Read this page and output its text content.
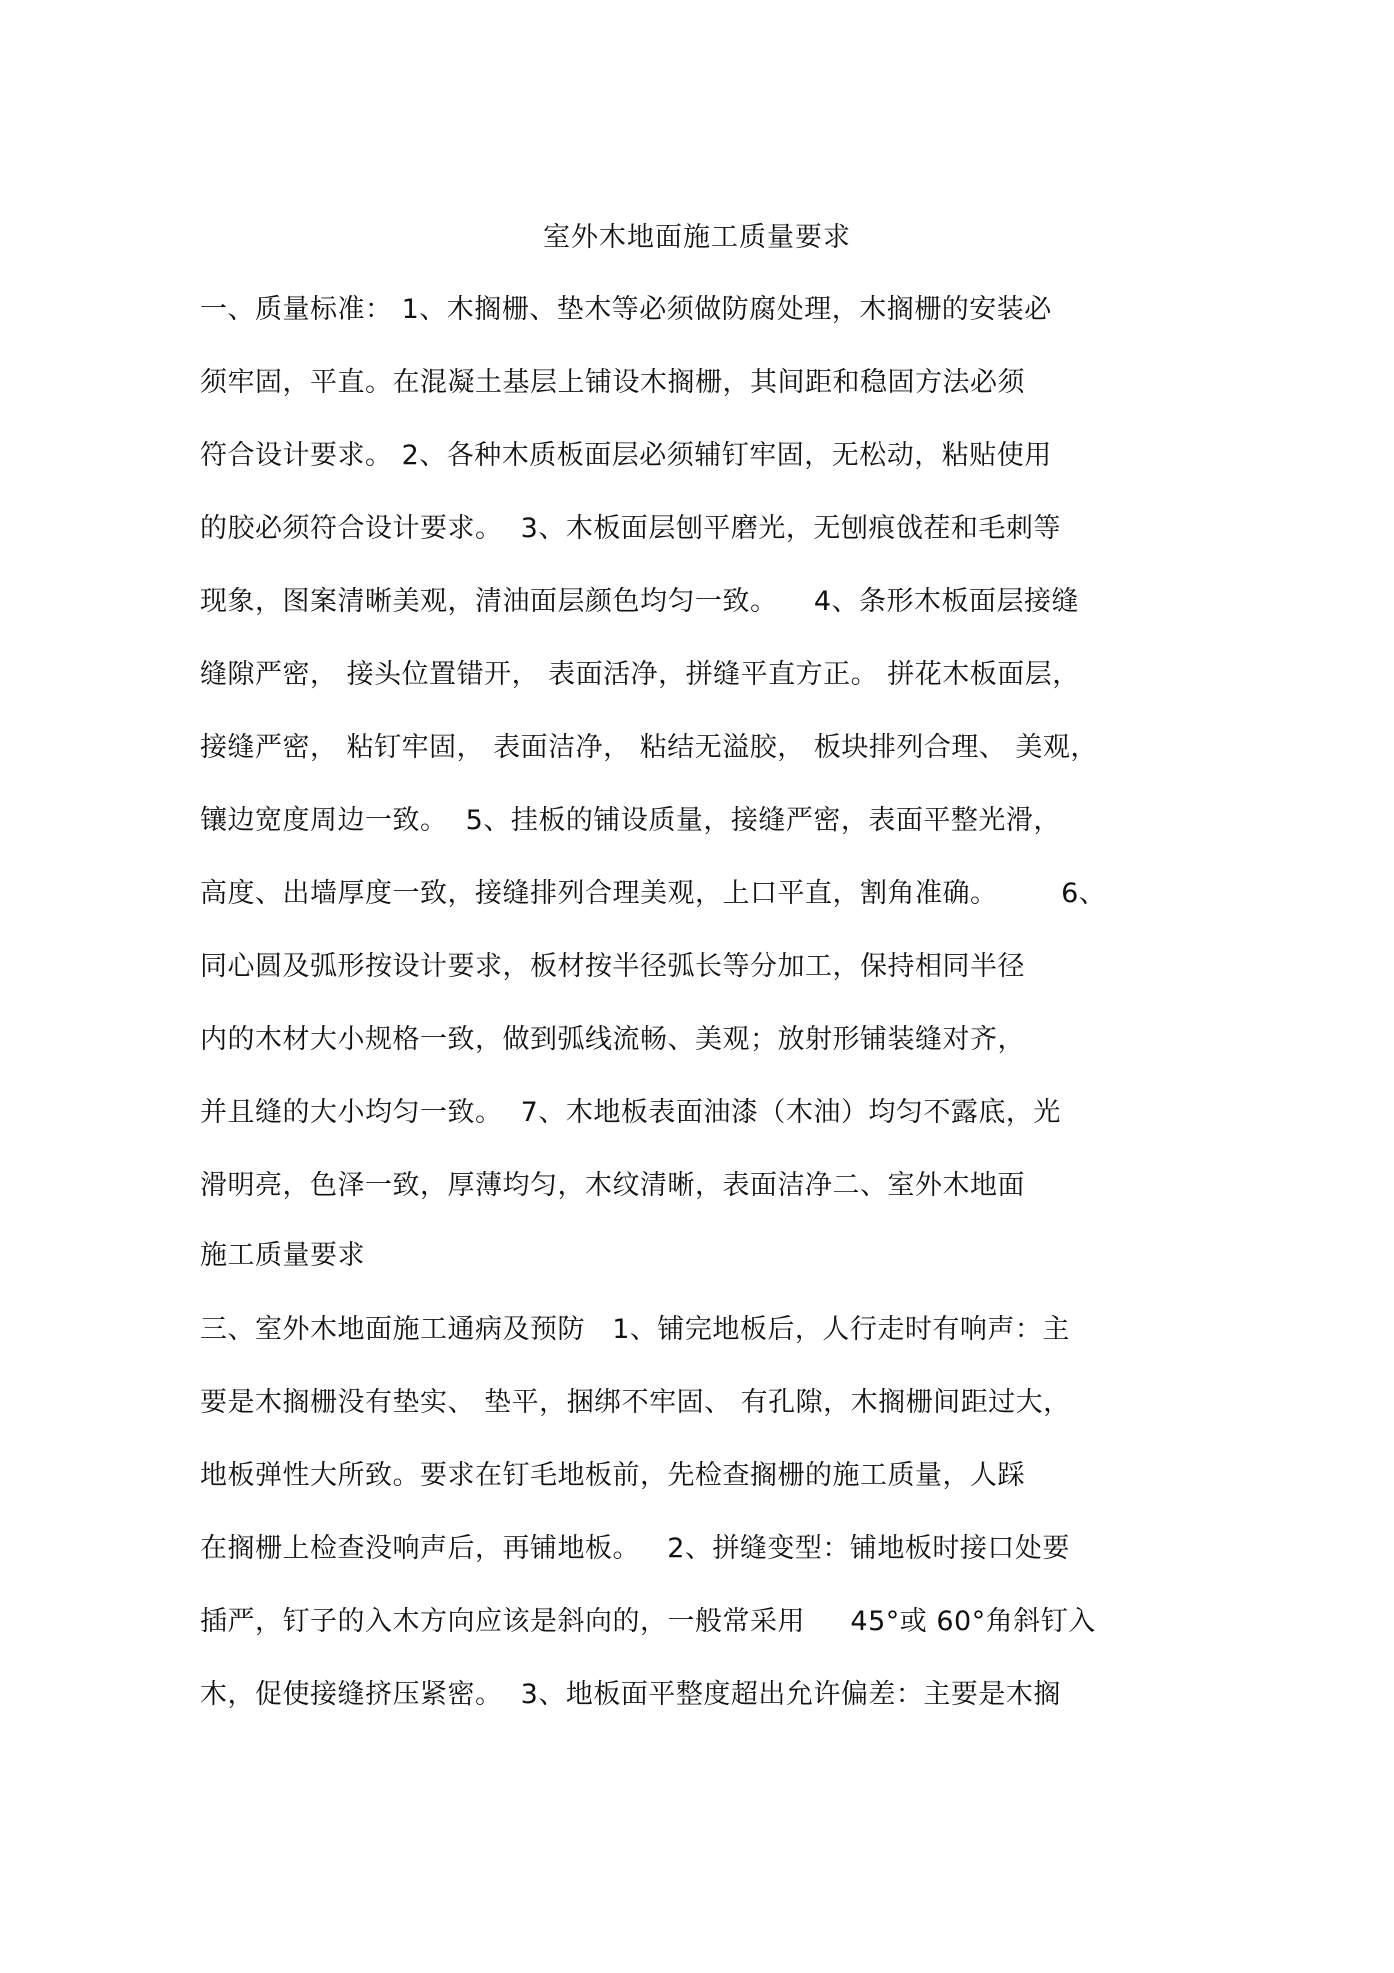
室外木地面施工质量要求
一、质量标准： 1、木搁栅、垫木等必须做防腐处理，木搁栅的安装必
须牢固，平直。在混凝土基层上铺设木搁栅，其间距和稳固方法必须
符合设计要求。 2、各种木质板面层必须辅钉牢固，无松动，粘贴使用
的胶必须符合设计要求。  3、木板面层刨平磨光，无刨痕戗茬和毛刺等
现象，图案清晰美观，清油面层颜色均匀一致。    4、条形木板面层接缝
缝隙严密， 接头位置错开， 表面活净，拼缝平直方正。 拼花木板面层，
接缝严密， 粘钉牢固， 表面洁净， 粘结无溢胶， 板块排列合理、 美观，
镶边宽度周边一致。  5、挂板的铺设质量，接缝严密，表面平整光滑，
高度、出墙厚度一致，接缝排列合理美观，上口平直，割角准确。       6、
同心圆及弧形按设计要求，板材按半径弧长等分加工，保持相同半径
内的木材大小规格一致，做到弧线流畅、美观；放射形铺装缝对齐，
并且缝的大小均匀一致。  7、木地板表面油漆（木油）均匀不露底，光
滑明亮，色泽一致，厚薄均匀，木纹清晰，表面洁净二、室外木地面
施工质量要求
三、室外木地面施工通病及预防   1、铺完地板后，人行走时有响声：主
要是木搁栅没有垫实、 垫平，捆绑不牢固、 有孔隙，木搁栅间距过大，
地板弹性大所致。要求在钉毛地板前，先检查搁栅的施工质量，人踩
在搁栅上检查没响声后，再铺地板。   2、拼缝变型：铺地板时接口处要
插严，钉子的入木方向应该是斜向的，一般常采用     45°或 60°角斜钉入
木，促使接缝挤压紧密。  3、地板面平整度超出允许偏差：主要是木搁
